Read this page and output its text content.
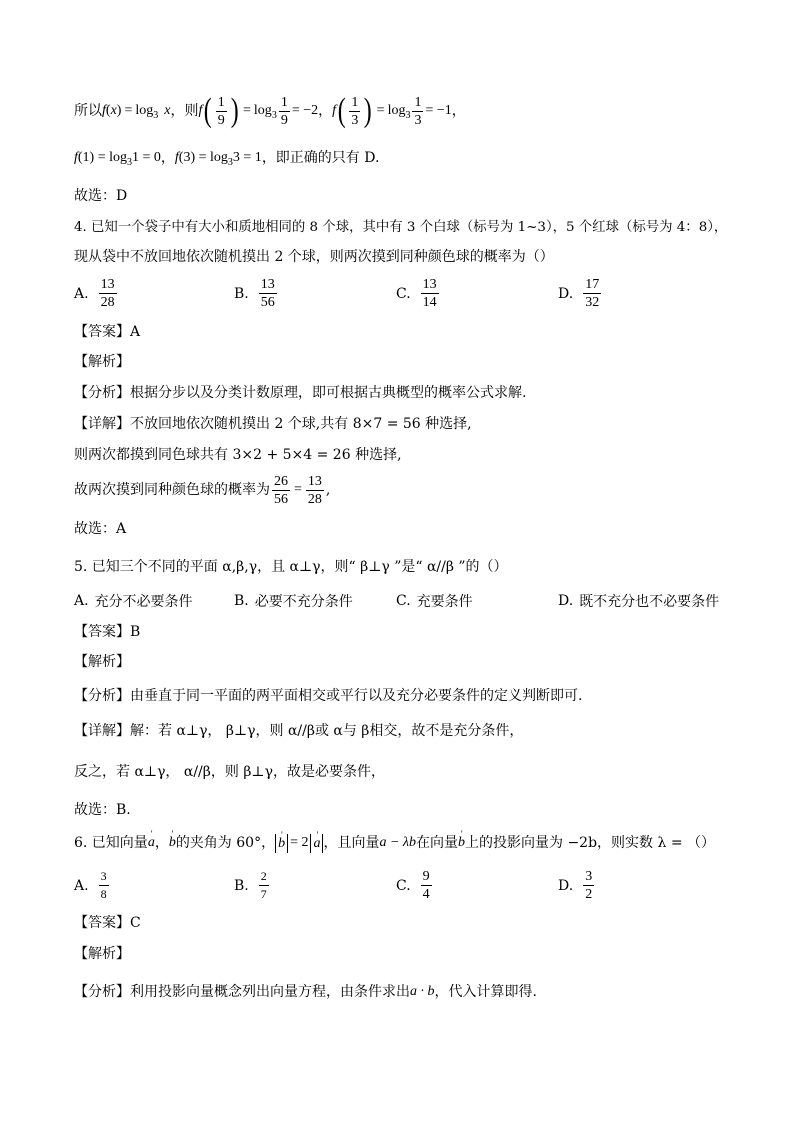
所以 f (x) = log 3 x ，则 f ( $\frac{1}{9}$ ) = $\log 3 \frac{1}{9} = -2$ ， f ( $\frac{1}{3}$ ) = $\log 3 \frac{1}{3} = -1$ ，
f (1) = log 3 1 = 0 ， f (3) = log 3 3 = 1 ，即正确的只有 D.
故选：D
4. 已知一个袋子中有大小和质地相同的 8 个球，其中有 3 个白球（标号为 1~3），5 个红球（标号为 4：8），
现从袋中不放回地依次随机摸出 2 个球，则两次摸到同种颜色球的概率为（）
A. $\frac{13}{28}$	B. $\frac{13}{56}$	C. $\frac{13}{14}$	D. $\frac{17}{32}$
【答案】A
【解析】
【分析】根据分步以及分类计数原理，即可根据古典概型的概率公式求解.
【详解】不放回地依次随机摸出 2 个球,共有 8×7 = 56 种选择,
则两次都摸到同色球共有 3×2 + 5×4 = 26 种选择,
故两次摸到同种颜色球的概率为 $\frac{26}{56} = \frac{13}{28}$ ,
故选：A
5. 已知三个不同的平面 α,β,γ，且 α⊥γ，则“ β⊥γ ”是“ α//β ”的（）
A. 充分不必要条件	B. 必要不充分条件	C. 充要条件	D. 既不充分也不必要条件
【答案】B
【解析】
【分析】由垂直于同一平面的两平面相交或平行以及充分必要条件的定义判断即可.
【详解】解：若 α⊥γ， β⊥γ，则 α//β或 α与 β相交，故不是充分条件，
反之，若 α⊥γ， α//β，则 β⊥γ，故是必要条件，
故选：B.
6. 已知向量 ' a ， ' b 的夹角为 60°， ' b = 2 ' a ，且向量 a − λb 在向量 ' b 上的投影向量为 −2b，则实数 λ = （）
A. $\frac{3}{8}$	B. $\frac{2}{7}$	C. $\frac{9}{4}$	D. $\frac{3}{2}$
【答案】C
【解析】
【分析】利用投影向量概念列出向量方程，由条件求出 a · b ，代入计算即得.
